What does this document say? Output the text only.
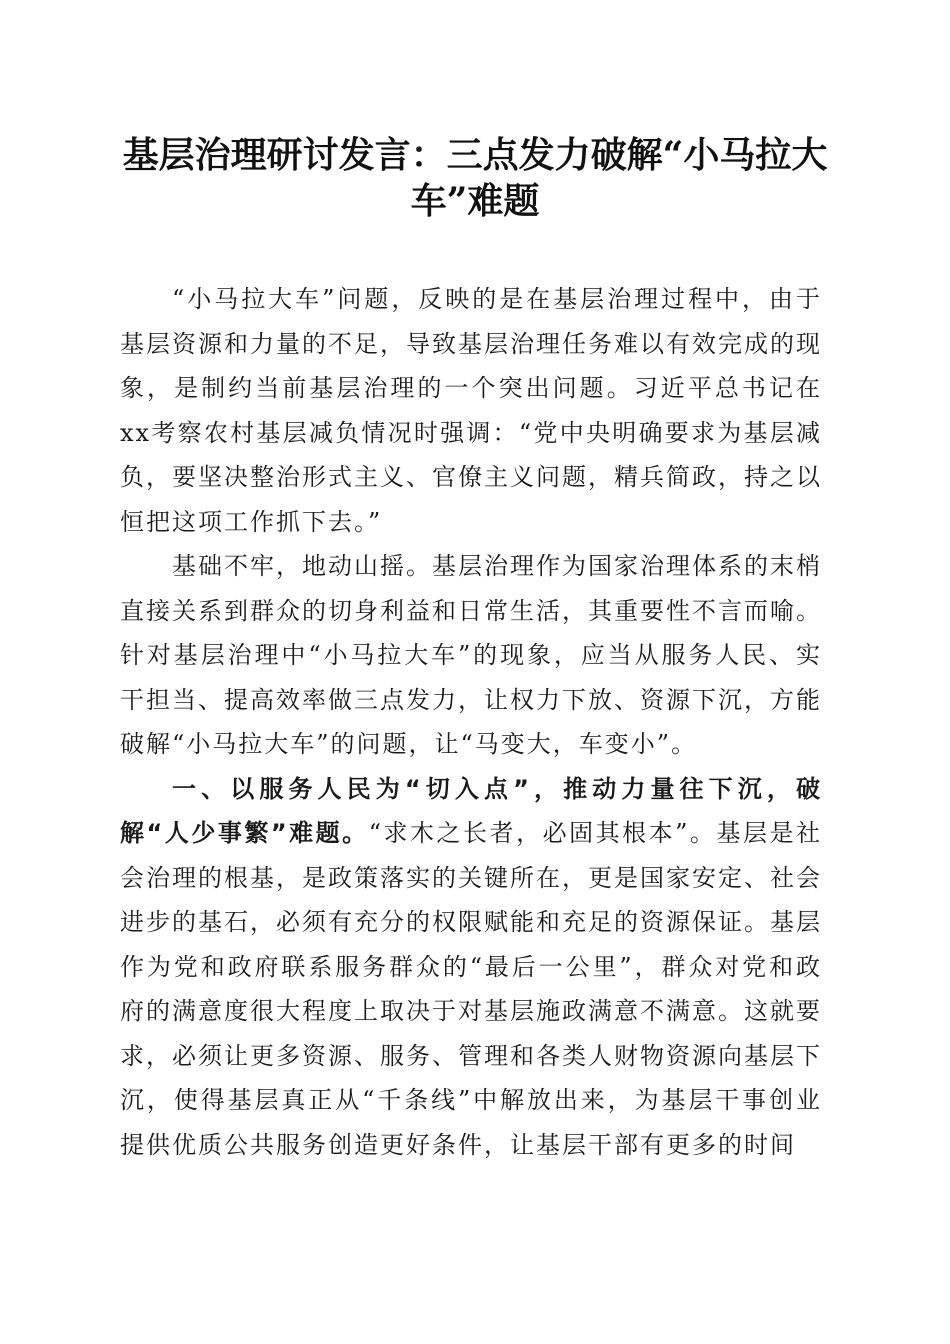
基层治理研讨发言：三点发力破解“小马拉大车”难题

“小马拉大车”问题，反映的是在基层治理过程中，由于基层资源和力量的不足，导致基层治理任务难以有效完成的现象，是制约当前基层治理的一个突出问题。习近平总书记在xx考察农村基层减负情况时强调：“党中央明确要求为基层减负，要坚决整治形式主义、官僚主义问题，精兵简政，持之以恒把这项工作抓下去。”

基础不牢，地动山摇。基层治理作为国家治理体系的末梢直接关系到群众的切身利益和日常生活，其重要性不言而喻。针对基层治理中“小马拉大车”的现象，应当从服务人民、实干担当、提高效率做三点发力，让权力下放、资源下沉，方能破解“小马拉大车”的问题，让“马变大，车变小”。

一、以服务人民为“切入点”，推动力量往下沉，破解“人少事繁”难题。“求木之长者，必固其根本”。基层是社会治理的根基，是政策落实的关键所在，更是国家安定、社会进步的基石，必须有充分的权限赋能和充足的资源保证。基层作为党和政府联系服务群众的“最后一公里”，群众对党和政府的满意度很大程度上取决于对基层施政满意不满意。这就要求，必须让更多资源、服务、管理和各类人财物资源向基层下沉，使得基层真正从“千条线”中解放出来，为基层干事创业提供优质公共服务创造更好条件，让基层干部有更多的时间
